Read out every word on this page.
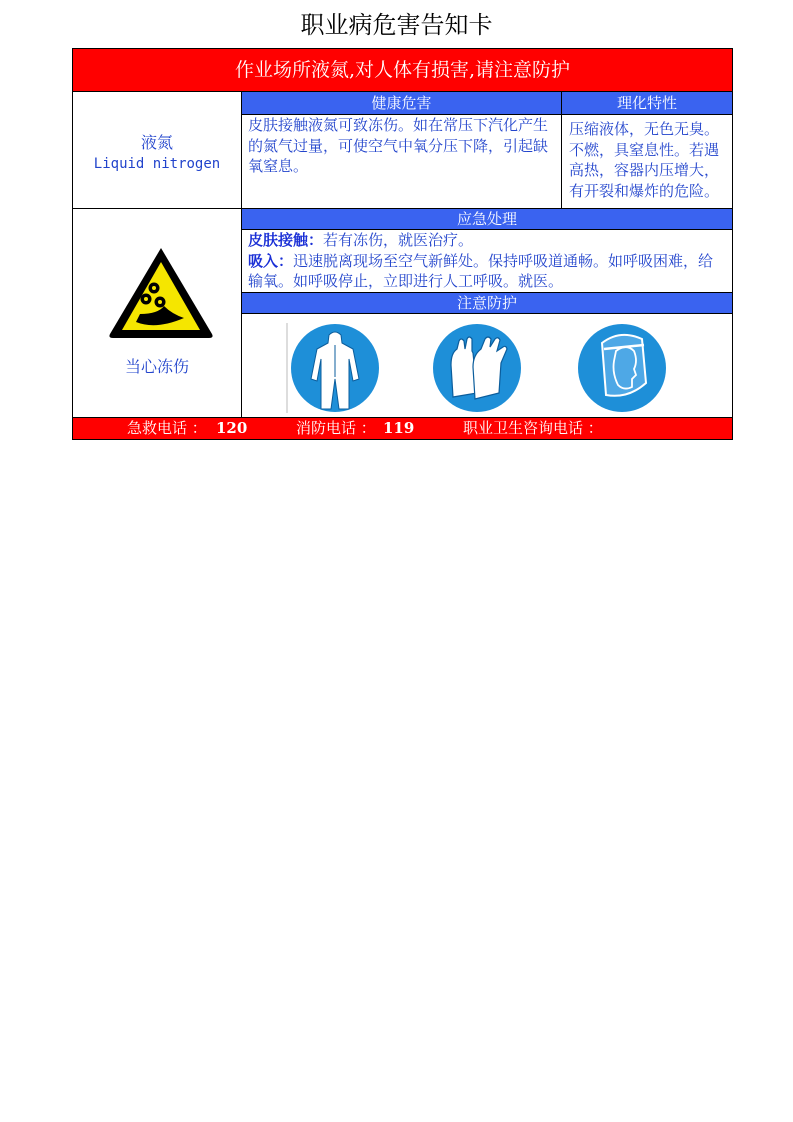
职业病危害告知卡
作业场所液氮,对人体有损害,请注意防护
液氮
Liquid nitrogen
健康危害
皮肤接触液氮可致冻伤。如在常压下汽化产生的氮气过量，可使空气中氧分压下降，引起缺氧窒息。
理化特性
压缩液体，无色无臭。不燃，具窒息性。若遇高热，容器内压增大，有开裂和爆炸的危险。
当心冻伤
应急处理
皮肤接触：若有冻伤，就医治疗。
吸入：迅速脱离现场至空气新鲜处。保持呼吸道通畅。如呼吸困难，给输氧。如呼吸停止，立即进行人工呼吸。就医。
注意防护
急救电话 ： 120	消防电话 ： 119	职业卫生咨询电话 ：
